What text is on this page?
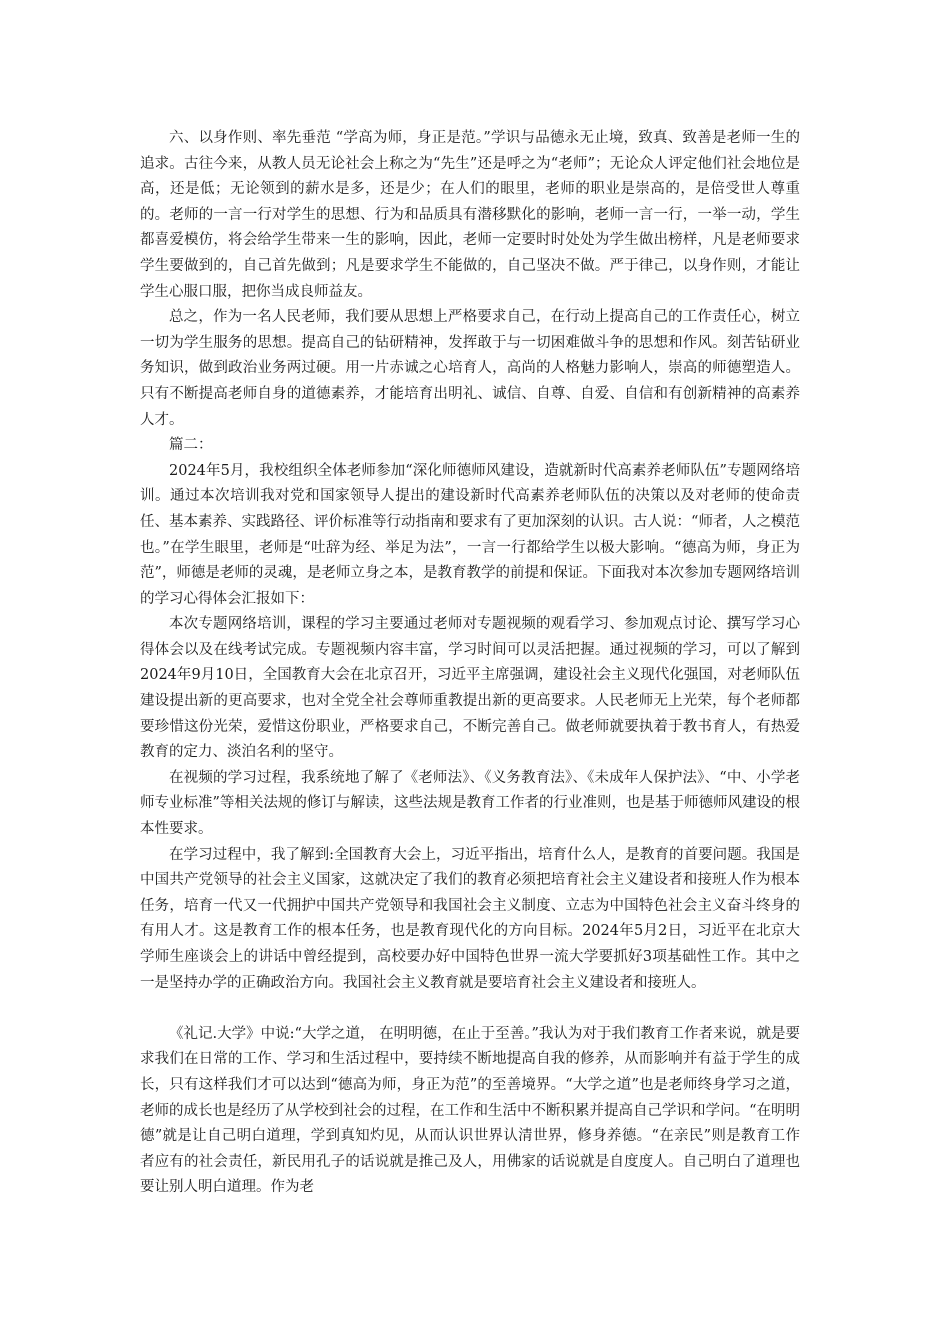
六、以身作则、率先垂范 “学高为师，身正是范。”学识与品德永无止境，致真、致善是老师一生的追求。古往今来，从教人员无论社会上称之为“先生”还是呼之为“老师”；无论众人评定他们社会地位是高，还是低；无论领到的薪水是多，还是少；在人们的眼里，老师的职业是崇高的，是倍受世人尊重的。老师的一言一行对学生的思想、行为和品质具有潜移默化的影响，老师一言一行，一举一动，学生都喜爱模仿，将会给学生带来一生的影响，因此，老师一定要时时处处为学生做出榜样，凡是老师要求学生要做到的，自己首先做到；凡是要求学生不能做的，自己坚决不做。严于律己，以身作则，才能让学生心服口服，把你当成良师益友。

总之，作为一名人民老师，我们要从思想上严格要求自己，在行动上提高自己的工作责任心，树立一切为学生服务的思想。提高自己的钻研精神，发挥敢于与一切困难做斗争的思想和作风。刻苦钻研业务知识，做到政治业务两过硬。用一片赤诚之心培育人，高尚的人格魅力影响人，崇高的师德塑造人。只有不断提高老师自身的道德素养，才能培育出明礼、诚信、自尊、自爱、自信和有创新精神的高素养人才。

篇二：

2024年5月，我校组织全体老师参加“深化师德师风建设，造就新时代高素养老师队伍”专题网络培训。通过本次培训我对党和国家领导人提出的建设新时代高素养老师队伍的决策以及对老师的使命责任、基本素养、实践路径、评价标准等行动指南和要求有了更加深刻的认识。古人说：“师者，人之模范也。”在学生眼里，老师是“吐辞为经、举足为法”，一言一行都给学生以极大影响。“德高为师，身正为范”，师德是老师的灵魂，是老师立身之本，是教育教学的前提和保证。下面我对本次参加专题网络培训的学习心得体会汇报如下：

本次专题网络培训，课程的学习主要通过老师对专题视频的观看学习、参加观点讨论、撰写学习心得体会以及在线考试完成。专题视频内容丰富，学习时间可以灵活把握。通过视频的学习，可以了解到2024年9月10日，全国教育大会在北京召开，习近平主席强调，建设社会主义现代化强国，对老师队伍建设提出新的更高要求，也对全党全社会尊师重教提出新的更高要求。人民老师无上光荣，每个老师都要珍惜这份光荣，爱惜这份职业，严格要求自己，不断完善自己。做老师就要执着于教书育人，有热爱教育的定力、淡泊名利的坚守。

在视频的学习过程，我系统地了解了《老师法》、《义务教育法》、《未成年人保护法》、“中、小学老师专业标准”等相关法规的修订与解读，这些法规是教育工作者的行业准则，也是基于师德师风建设的根本性要求。

在学习过程中，我了解到:全国教育大会上，习近平指出，培育什么人，是教育的首要问题。我国是中国共产党领导的社会主义国家，这就决定了我们的教育必须把培育社会主义建设者和接班人作为根本任务，培育一代又一代拥护中国共产党领导和我国社会主义制度、立志为中国特色社会主义奋斗终身的有用人才。这是教育工作的根本任务，也是教育现代化的方向目标。2024年5月2日，习近平在北京大学师生座谈会上的讲话中曾经提到，高校要办好中国特色世界一流大学要抓好3项基础性工作。其中之一是坚持办学的正确政治方向。我国社会主义教育就是要培育社会主义建设者和接班人。

《礼记.大学》中说:“大学之道， 在明明德，在止于至善。”我认为对于我们教育工作者来说，就是要求我们在日常的工作、学习和生活过程中，要持续不断地提高自我的修养，从而影响并有益于学生的成长，只有这样我们才可以达到“德高为师，身正为范”的至善境界。“大学之道”也是老师终身学习之道，老师的成长也是经历了从学校到社会的过程，在工作和生活中不断积累并提高自己学识和学问。“在明明德”就是让自己明白道理，学到真知灼见，从而认识世界认清世界，修身养德。“在亲民”则是教育工作者应有的社会责任，新民用孔子的话说就是推己及人，用佛家的话说就是自度度人。自己明白了道理也要让别人明白道理。作为老
